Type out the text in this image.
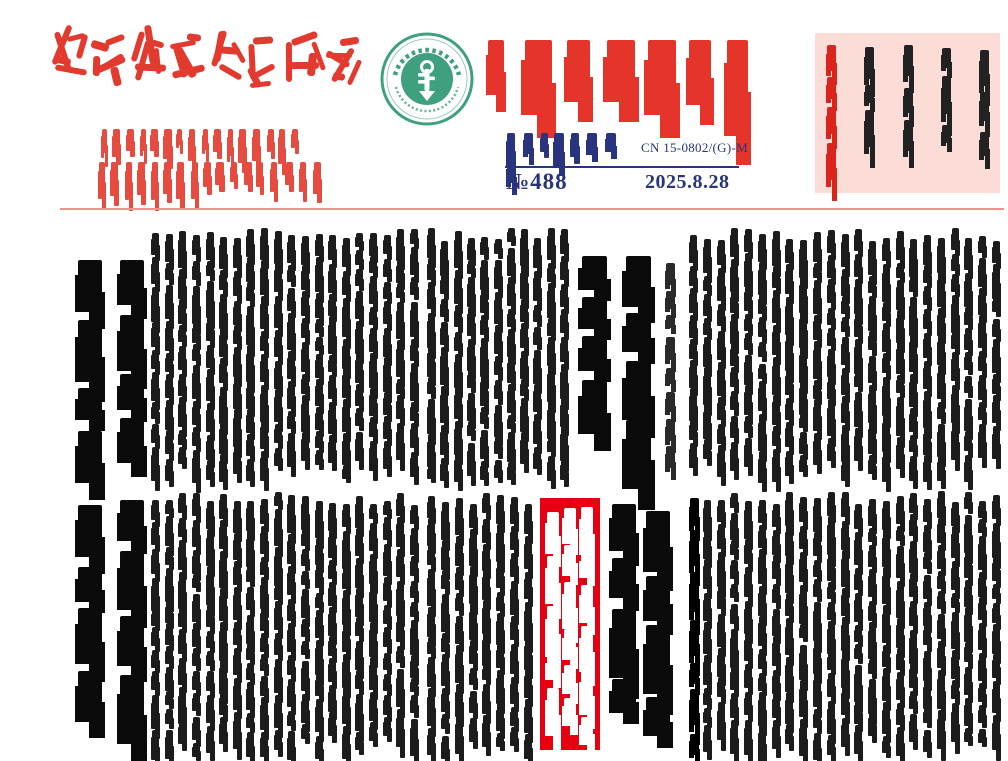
CN 15-0802/(G)-M
№488	2025.8.28
